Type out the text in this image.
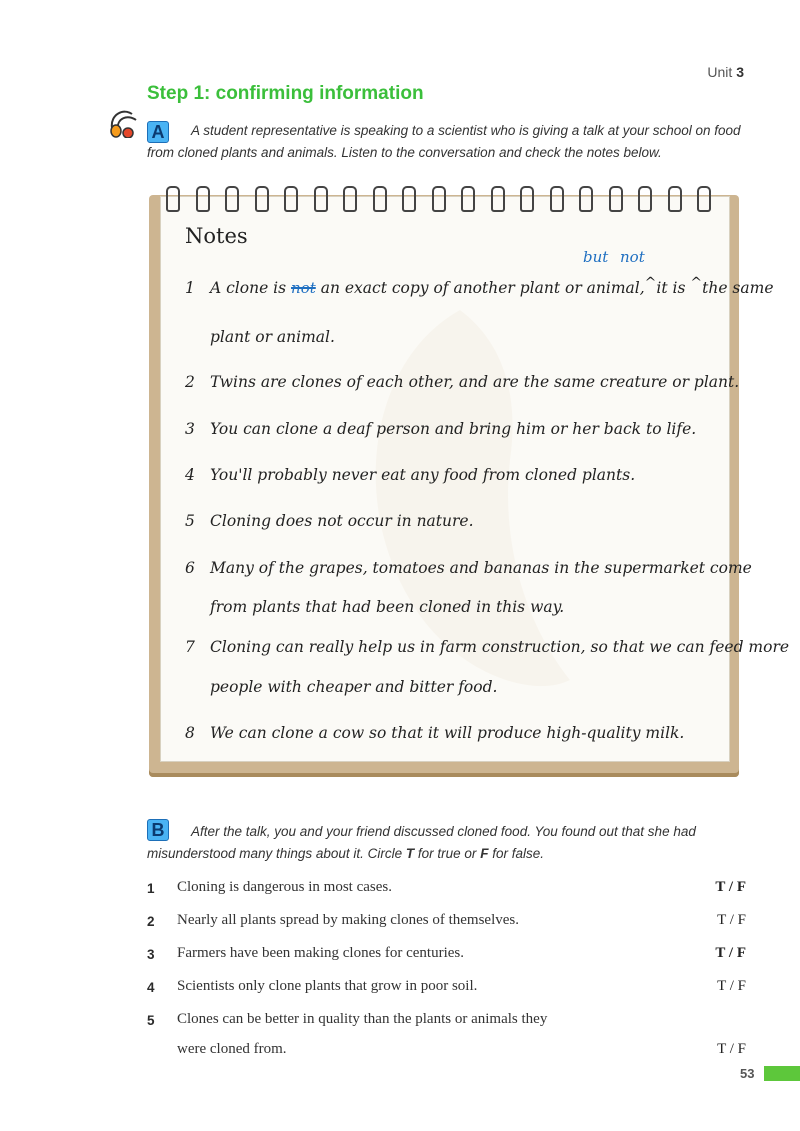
Unit 3
Step 1: confirming information
A	A student representative is speaking to a scientist who is giving a talk at your school on food from cloned plants and animals. Listen to the conversation and check the notes below.
Notes
but not
1 A clone is not an exact copy of another plant or animal,^it is ^the same
plant or animal.
2 Twins are clones of each other, and are the same creature or plant.
3 You can clone a deaf person and bring him or her back to life.
4 You'll probably never eat any food from cloned plants.
5 Cloning does not occur in nature.
6 Many of the grapes, tomatoes and bananas in the supermarket come
from plants that had been cloned in this way.
7 Cloning can really help us in farm construction, so that we can feed more
people with cheaper and bitter food.
8 We can clone a cow so that it will produce high-quality milk.
B	After the talk, you and your friend discussed cloned food. You found out that she had misunderstood many things about it. Circle T for true or F for false.
1 Cloning is dangerous in most cases.	T / F
2 Nearly all plants spread by making clones of themselves.	T / F
3 Farmers have been making clones for centuries.	T / F
4 Scientists only clone plants that grow in poor soil.	T / F
5 Clones can be better in quality than the plants or animals they
were cloned from.	T / F
53
